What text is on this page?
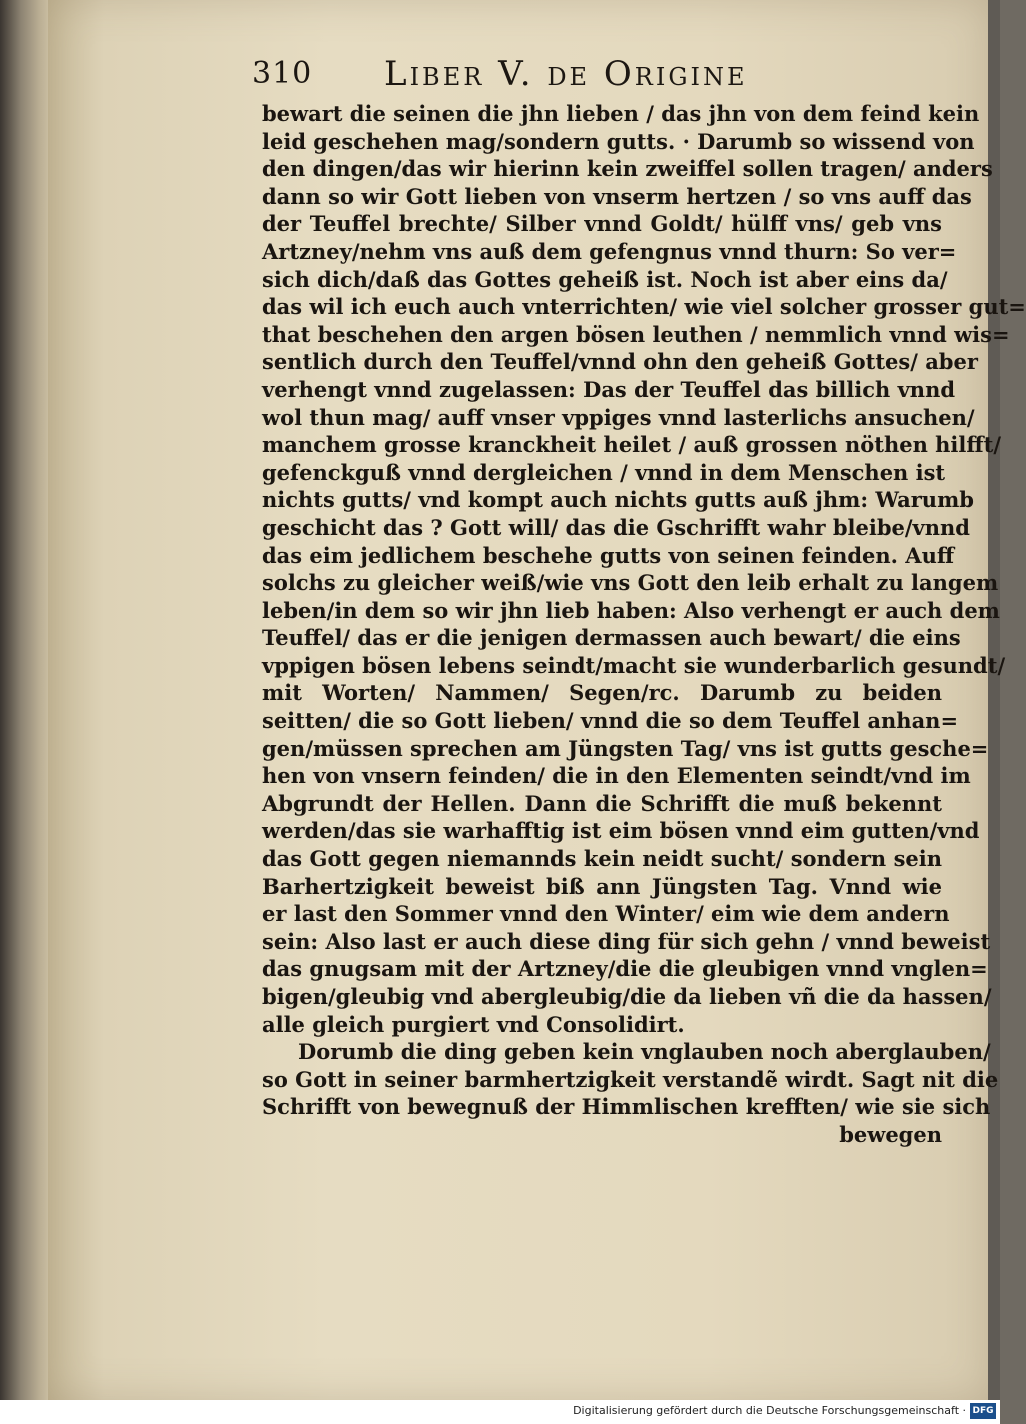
310 Liber V. de Origine
bewart die seinen die jhn lieben / das jhn von dem feind kein
leid geschehen mag/sondern gutts. · Darumb so wissend von
den dingen/das wir hierinn kein zweiffel sollen tragen/ anders
dann so wir Gott lieben von vnserm hertzen / so vns auff das
der Teuffel brechte/ Silber vnnd Goldt/ hülff vns/ geb vns
Artzney/nehm vns auß dem gefengnus vnnd thurn: So ver=
sich dich/daß das Gottes geheiß ist. Noch ist aber eins da/
das wil ich euch auch vnterrichten/ wie viel solcher grosser gut=
that beschehen den argen bösen leuthen / nemmlich vnnd wis=
sentlich durch den Teuffel/vnnd ohn den geheiß Gottes/ aber
verhengt vnnd zugelassen: Das der Teuffel das billich vnnd
wol thun mag/ auff vnser vppiges vnnd lasterlichs ansuchen/
manchem grosse kranckheit heilet / auß grossen nöthen hilfft/
gefenckguß vnnd dergleichen / vnnd in dem Menschen ist
nichts gutts/ vnd kompt auch nichts gutts auß jhm: Warumb
geschicht das ? Gott will/ das die Gschrifft wahr bleibe/vnnd
das eim jedlichem beschehe gutts von seinen feinden. Auff
solchs zu gleicher weiß/wie vns Gott den leib erhalt zu langem
leben/in dem so wir jhn lieb haben: Also verhengt er auch dem
Teuffel/ das er die jenigen dermassen auch bewart/ die eins
vppigen bösen lebens seindt/macht sie wunderbarlich gesundt/
mit Worten/ Nammen/ Segen/rc. Darumb zu beiden
seitten/ die so Gott lieben/ vnnd die so dem Teuffel anhan=
gen/müssen sprechen am Jüngsten Tag/ vns ist gutts gesche=
hen von vnsern feinden/ die in den Elementen seindt/vnd im
Abgrundt der Hellen. Dann die Schrifft die muß bekennt
werden/das sie warhafftig ist eim bösen vnnd eim gutten/vnd
das Gott gegen niemannds kein neidt sucht/ sondern sein
Barhertzigkeit beweist biß ann Jüngsten Tag. Vnnd wie
er last den Sommer vnnd den Winter/ eim wie dem andern
sein: Also last er auch diese ding für sich gehn / vnnd beweist
das gnugsam mit der Artzney/die die gleubigen vnnd vnglen=
bigen/gleubig vnd abergleubig/die da lieben vñ die da hassen/
alle gleich purgiert vnd Consolidirt.
Dorumb die ding geben kein vnglauben noch aberglauben/
so Gott in seiner barmhertzigkeit verstandẽ wirdt. Sagt nit die
Schrifft von bewegnuß der Himmlischen krefften/ wie sie sich
bewegen
Digitalisierung gefördert durch die Deutsche Forschungsgemeinschaft · DFG
